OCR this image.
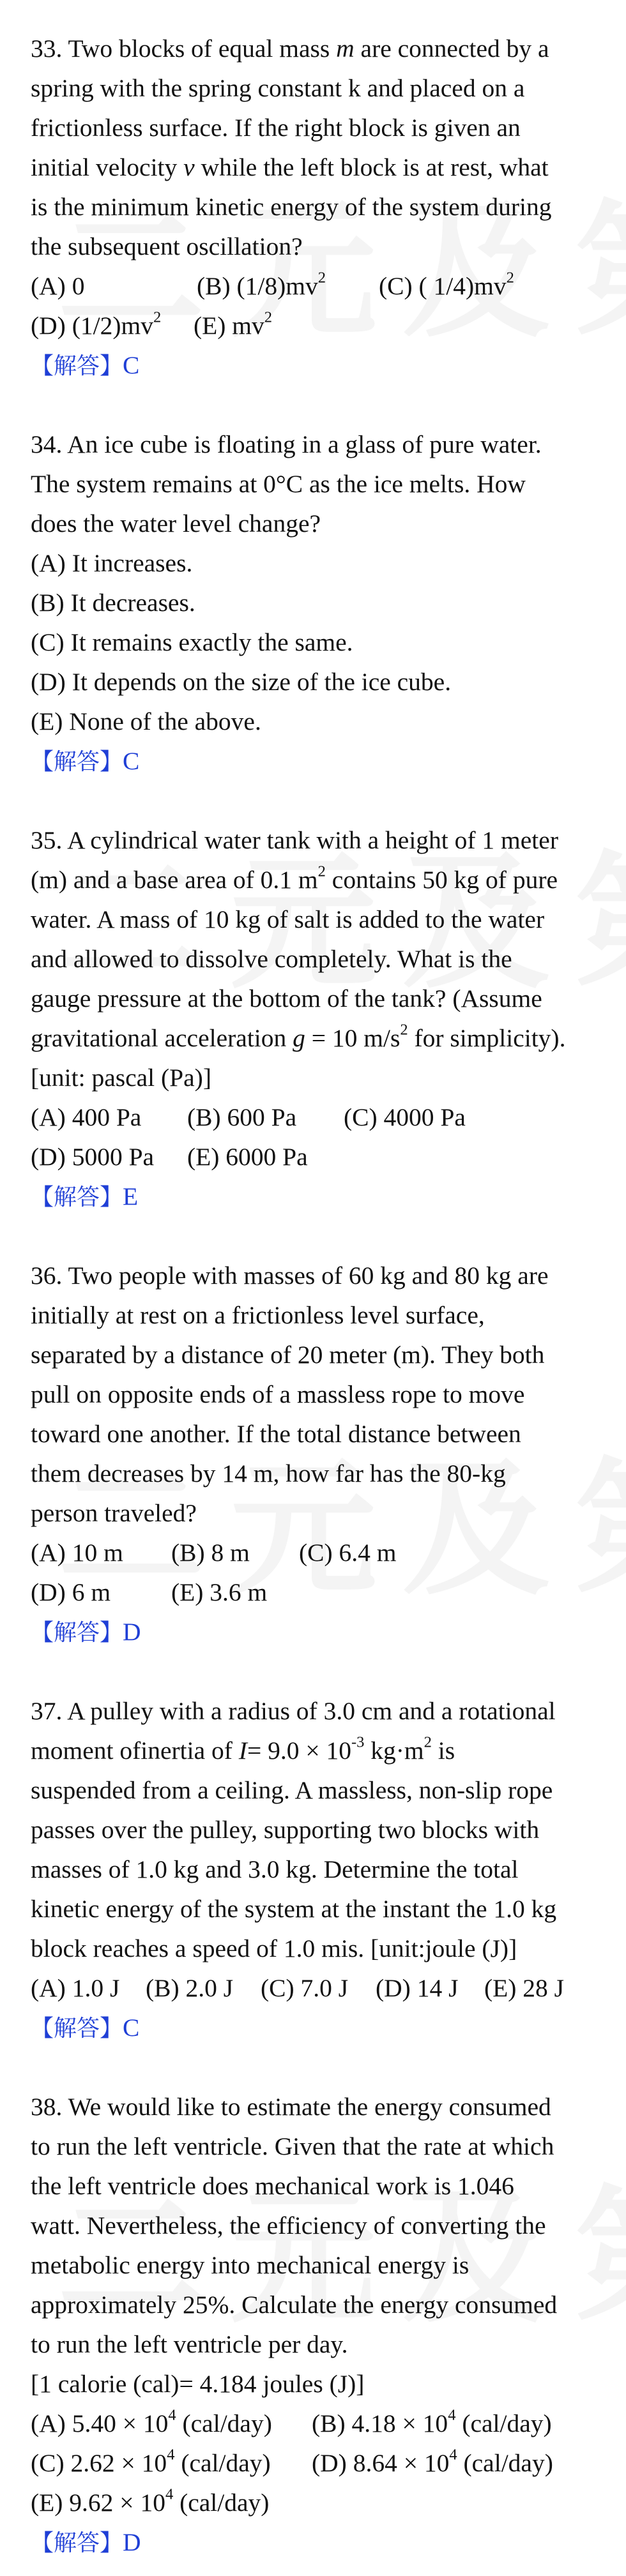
33. Two blocks of equal mass m are connected by a
spring with the spring constant k and placed on a
frictionless surface. If the right block is given an
initial velocity v while the left block is at rest, what
is the minimum kinetic energy of the system during
the subsequent oscillation?
(A) 0	(B) $(1/8)mv^2$	(C) ( $1/4)mv^2$
(D) $(1/2)mv^2$	(E) $mv^2$
【解答】C
34. An ice cube is floating in a glass of pure water.
The system remains at 0°C as the ice melts. How
does the water level change?
(A) It increases.
(B) It decreases.
(C) It remains exactly the same.
(D) It depends on the size of the ice cube.
(E) None of the above.
【解答】C
35. A cylindrical water tank with a height of 1 meter
(m) and a base area of 0.1 $m^2$ contains 50 kg of pure
water. A mass of 10 kg of salt is added to the water
and allowed to dissolve completely. What is the
gauge pressure at the bottom of the tank? (Assume
gravitational acceleration g = 10 $m/s^2$ for simplicity).
[unit: pascal (Pa)]
(A) 400 Pa	(B) 600 Pa	(C) 4000 Pa
(D) 5000 Pa	(E) 6000 Pa
【解答】E
36. Two people with masses of 60 kg and 80 kg are
initially at rest on a frictionless level surface,
separated by a distance of 20 meter (m). They both
pull on opposite ends of a massless rope to move
toward one another. If the total distance between
them decreases by 14 m, how far has the 80-kg
person traveled?
(A) 10 m	(B) 8 m	(C) 6.4 m
(D) 6 m	(E) 3.6 m
【解答】D
37. A pulley with a radius of 3.0 cm and a rotational
moment ofinertia of $I= 9.0 \times 10^{-3}$ $kg\cdot m^2$ is
suspended from a ceiling. A massless, non-slip rope
passes over the pulley, supporting two blocks with
masses of 1.0 kg and 3.0 kg. Determine the total
kinetic energy of the system at the instant the 1.0 kg
block reaches a speed of 1.0 mis. [unit:joule (J)]
(A) 1.0 J	(B) 2.0 J	(C) 7.0 J	(D) 14 J	(E) 28 J
【解答】C
38. We would like to estimate the energy consumed
to run the left ventricle. Given that the rate at which
the left ventricle does mechanical work is 1.046
watt. Nevertheless, the efficiency of converting the
metabolic energy into mechanical energy is
approximately 25%. Calculate the energy consumed
to run the left ventricle per day.
[1 calorie (cal)= 4.184 joules (J)]
(A) $5.40 \times 10^4$ (cal/day)	(B) $4.18 \times 10^4$ (cal/day)
(C) $2.62 \times 10^4$ (cal/day)	(D) $8.64 \times 10^4$ (cal/day)
(E) $9.62 \times 10^4$ (cal/day)
【解答】D
